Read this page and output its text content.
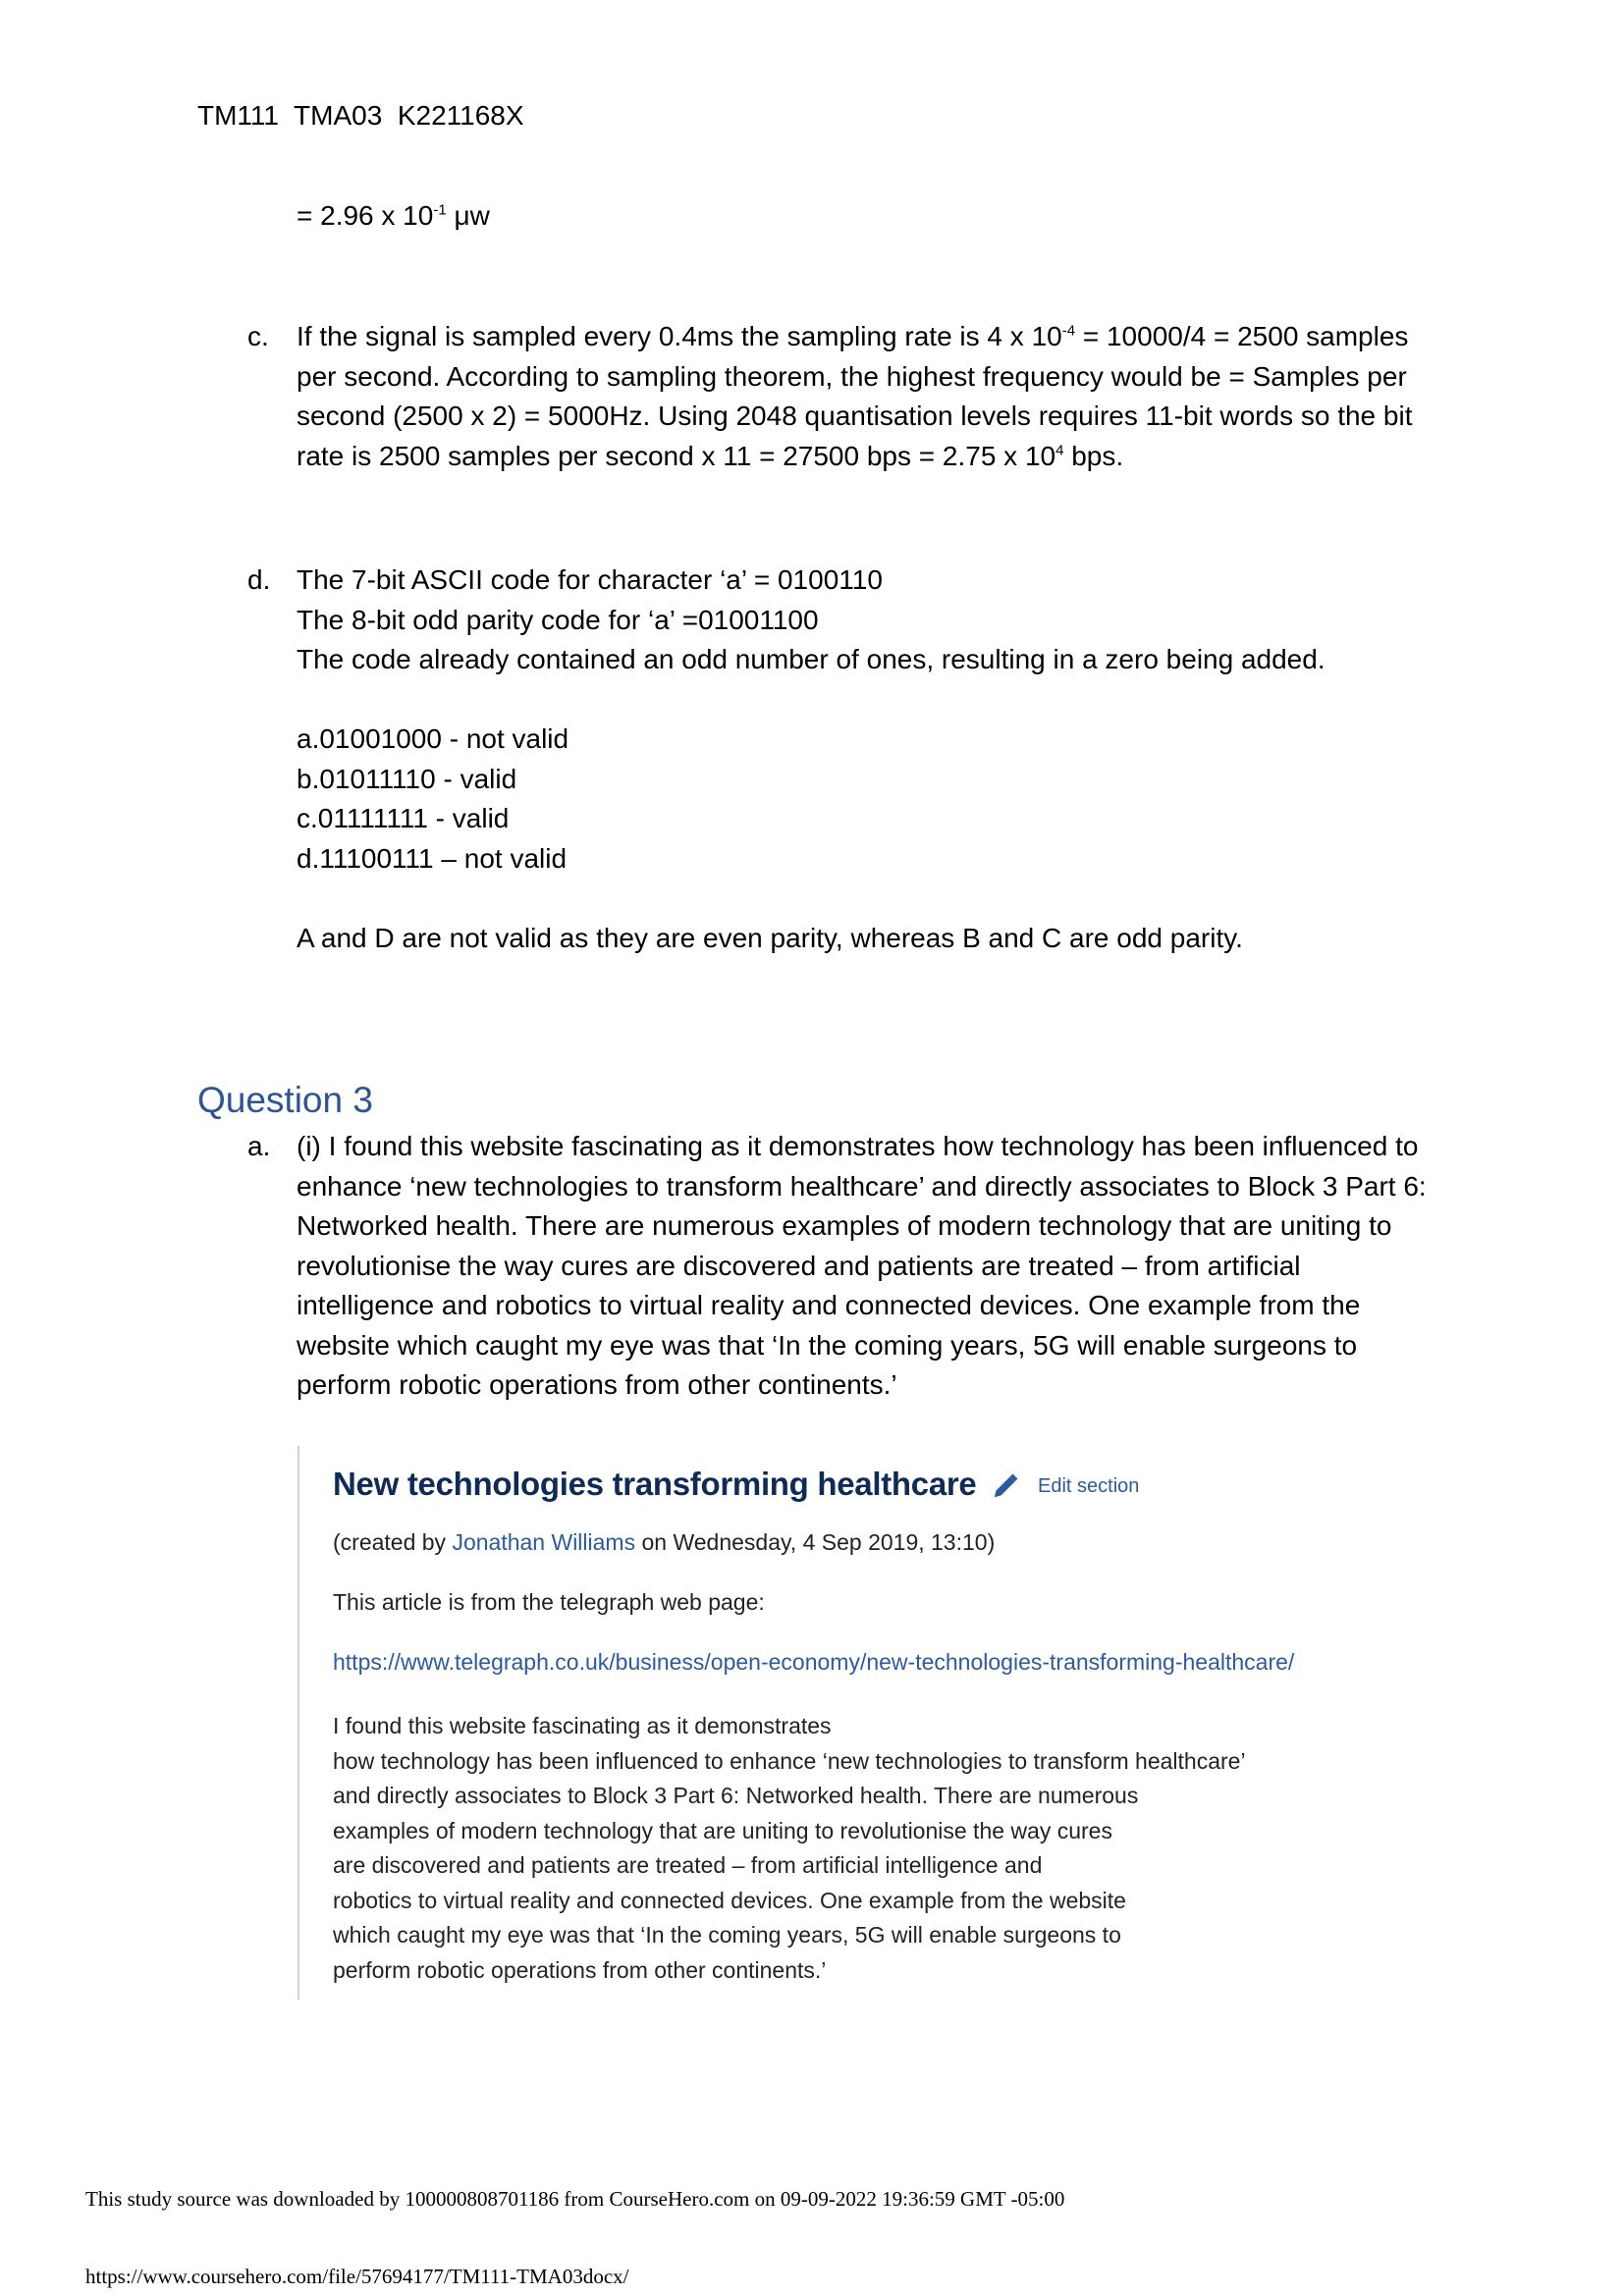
TM111  TMA03  K221168X
= 2.96 x $10^{-1}$ μw
c. If the signal is sampled every 0.4ms the sampling rate is 4 x $10^{-4} = 10000/4 = 2500$ samples per second. According to sampling theorem, the highest frequency would be = Samples per second (2500 x 2) = 5000Hz. Using 2048 quantisation levels requires 11-bit words so the bit rate is 2500 samples per second x 11 = 27500 bps = 2.75 x $10^4$ bps.
d. The 7-bit ASCII code for character ‘a’ = 0100110
The 8-bit odd parity code for ‘a’ =01001100
The code already contained an odd number of ones, resulting in a zero being added.
a.01001000 - not valid
b.01011110 - valid
c.01111111 - valid
d.11100111 – not valid
A and D are not valid as they are even parity, whereas B and C are odd parity.
Question 3
a. (i) I found this website fascinating as it demonstrates how technology has been influenced to enhance ‘new technologies to transform healthcare’ and directly associates to Block 3 Part 6: Networked health. There are numerous examples of modern technology that are uniting to revolutionise the way cures are discovered and patients are treated – from artificial intelligence and robotics to virtual reality and connected devices. One example from the website which caught my eye was that ‘In the coming years, 5G will enable surgeons to perform robotic operations from other continents.’
New technologies transforming healthcare	Edit section
(created by Jonathan Williams on Wednesday, 4 Sep 2019, 13:10)
This article is from the telegraph web page:
https://www.telegraph.co.uk/business/open-economy/new-technologies-transforming-healthcare/
I found this website fascinating as it demonstrates
how technology has been influenced to enhance ‘new technologies to transform healthcare’
and directly associates to Block 3 Part 6: Networked health. There are numerous
examples of modern technology that are uniting to revolutionise the way cures
are discovered and patients are treated – from artificial intelligence and
robotics to virtual reality and connected devices. One example from the website
which caught my eye was that ‘In the coming years, 5G will enable surgeons to
perform robotic operations from other continents.’
This study source was downloaded by 100000808701186 from CourseHero.com on 09-09-2022 19:36:59 GMT -05:00
https://www.coursehero.com/file/57694177/TM111-TMA03docx/
